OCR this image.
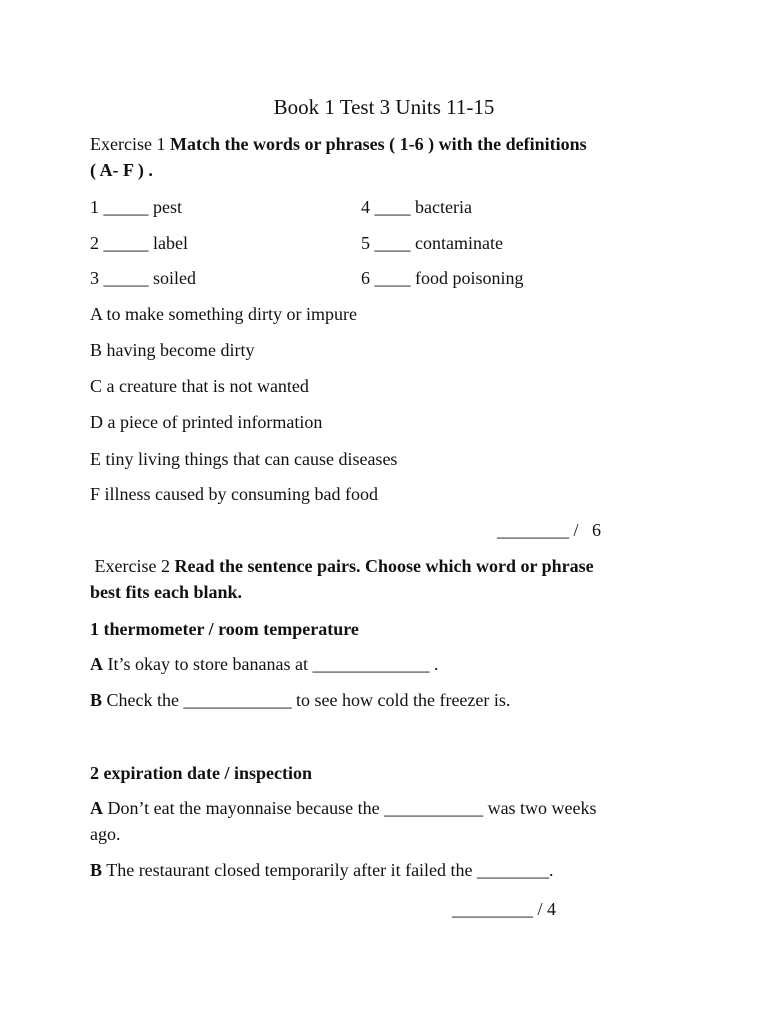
Book 1 Test 3 Units 11-15
Exercise 1 Match the words or phrases ( 1-6 ) with the definitions
( A- F ) .
1 _____ pest	4 ____ bacteria
2 _____ label	5 ____ contaminate
3 _____ soiled	6 ____ food poisoning
A to make something dirty or impure
B having become dirty
C a creature that is not wanted
D a piece of printed information
E tiny living things that can cause diseases
F illness caused by consuming bad food
________ /   6
Exercise 2 Read the sentence pairs. Choose which word or phrase
best fits each blank.
1 thermometer / room temperature
A It’s okay to store bananas at _____________ .
B Check the ____________ to see how cold the freezer is.
2 expiration date / inspection
A Don’t eat the mayonnaise because the ___________ was two weeks
ago.
B The restaurant closed temporarily after it failed the ________.
_________ / 4
